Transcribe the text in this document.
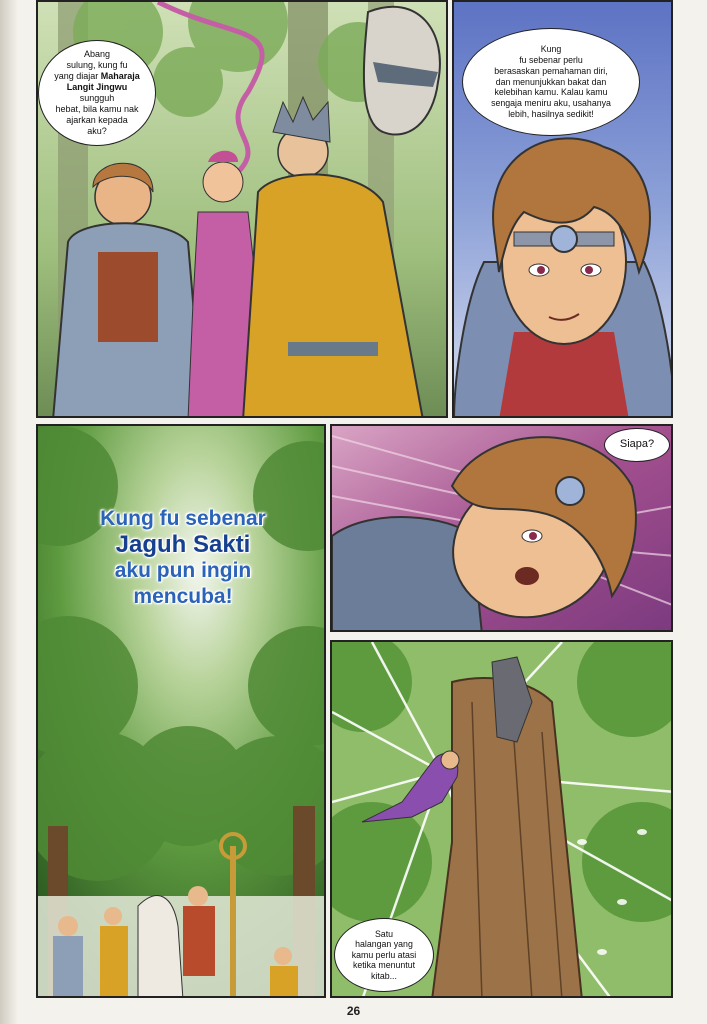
Abang
sulung, kung fu
yang diajar Maharaja
Langit Jingwu sungguh
hebat, bila kamu nak
ajarkan kepada
aku?
Kung
fu sebenar perlu
berasaskan pemahaman diri,
dan menunjukkan bakat dan
kelebihan kamu. Kalau kamu
sengaja meniru aku, usahanya
lebih, hasilnya sedikit!
Kung fu sebenar
Jaguh Sakti
aku pun ingin
mencuba!
Siapa?
Satu
halangan yang
kamu perlu atasi
ketika menuntut
kitab...
26
